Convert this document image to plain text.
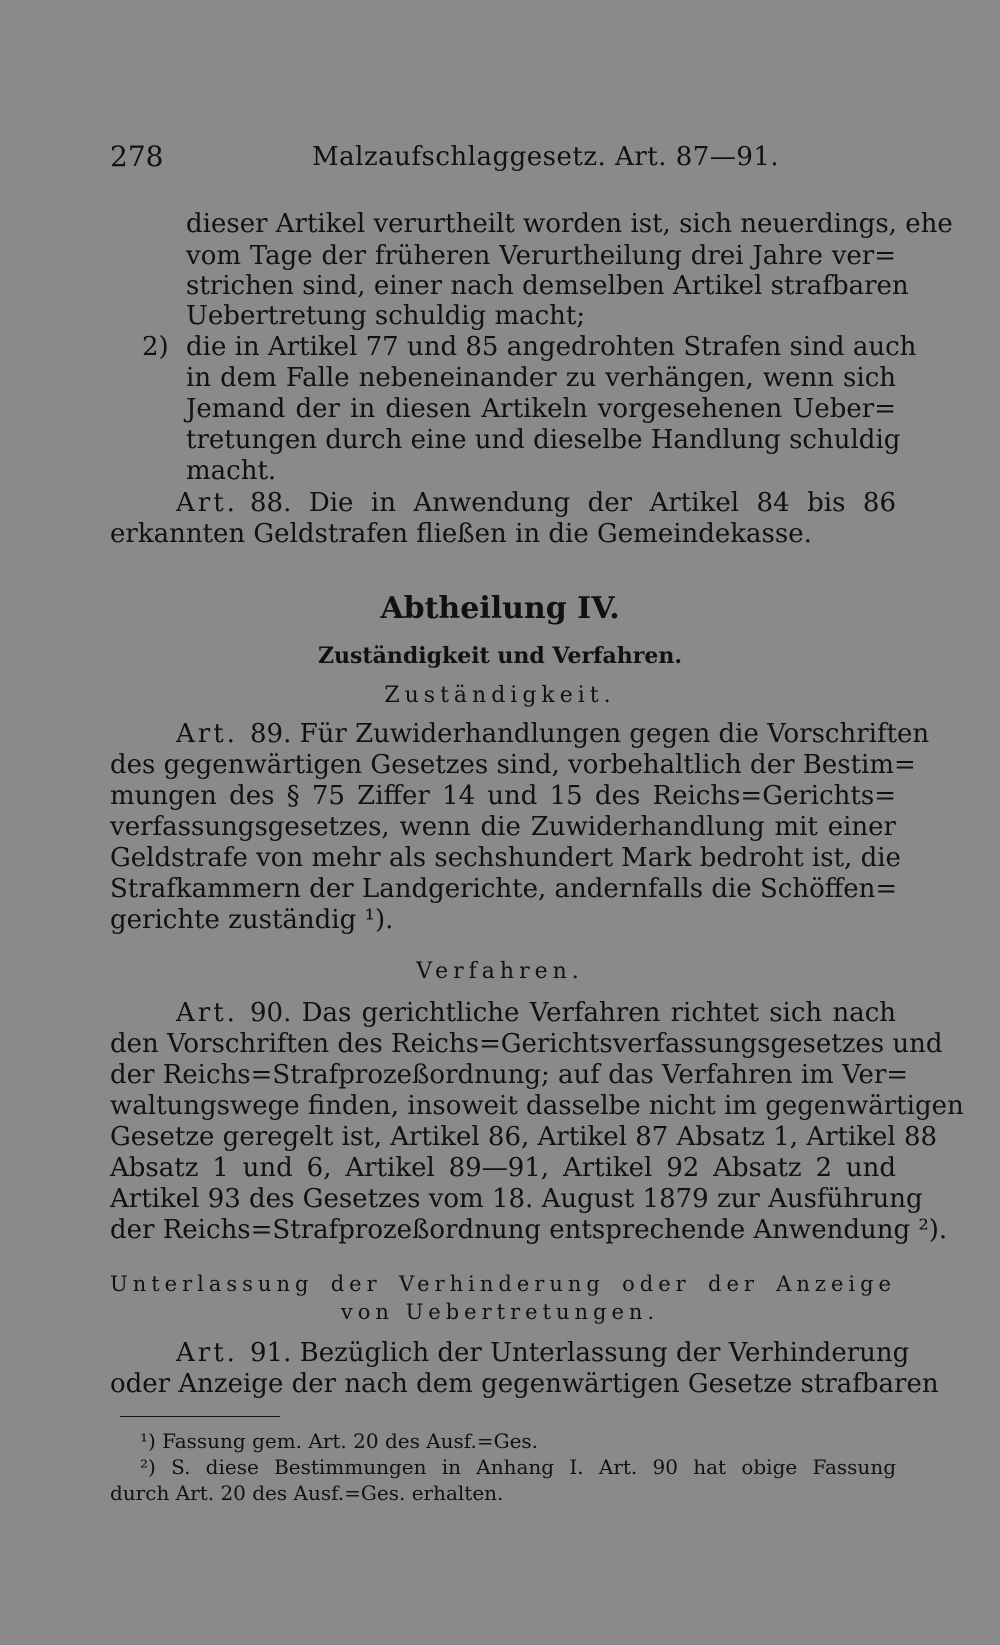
278	Malzaufschlaggesetz. Art. 87—91.
dieser Artikel verurtheilt worden ist, sich neuerdings, ehe
vom Tage der früheren Verurtheilung drei Jahre ver=
strichen sind, einer nach demselben Artikel strafbaren
Uebertretung schuldig macht;
2) die in Artikel 77 und 85 angedrohten Strafen sind auch
in dem Falle nebeneinander zu verhängen, wenn sich
Jemand der in diesen Artikeln vorgesehenen Ueber=
tretungen durch eine und dieselbe Handlung schuldig
macht.
Art. 88. Die in Anwendung der Artikel 84 bis 86
erkannten Geldstrafen fließen in die Gemeindekasse.
Abtheilung IV.
Zuständigkeit und Verfahren.
Zuständigkeit.
Art. 89. Für Zuwiderhandlungen gegen die Vorschriften
des gegenwärtigen Gesetzes sind, vorbehaltlich der Bestim=
mungen des § 75 Ziffer 14 und 15 des Reichs=Gerichts=
verfassungsgesetzes, wenn die Zuwiderhandlung mit einer
Geldstrafe von mehr als sechshundert Mark bedroht ist, die
Strafkammern der Landgerichte, andernfalls die Schöffen=
gerichte zuständig ¹).
Verfahren.
Art. 90. Das gerichtliche Verfahren richtet sich nach
den Vorschriften des Reichs=Gerichtsverfassungsgesetzes und
der Reichs=Strafprozeßordnung; auf das Verfahren im Ver=
waltungswege finden, insoweit dasselbe nicht im gegenwärtigen
Gesetze geregelt ist, Artikel 86, Artikel 87 Absatz 1, Artikel 88
Absatz 1 und 6, Artikel 89—91, Artikel 92 Absatz 2 und
Artikel 93 des Gesetzes vom 18. August 1879 zur Ausführung
der Reichs=Strafprozeßordnung entsprechende Anwendung ²).
Unterlassung der Verhinderung oder der Anzeige
von Uebertretungen.
Art. 91. Bezüglich der Unterlassung der Verhinderung
oder Anzeige der nach dem gegenwärtigen Gesetze strafbaren
¹) Fassung gem. Art. 20 des Ausf.=Ges.
²) S. diese Bestimmungen in Anhang I. Art. 90 hat obige Fassung
durch Art. 20 des Ausf.=Ges. erhalten.
